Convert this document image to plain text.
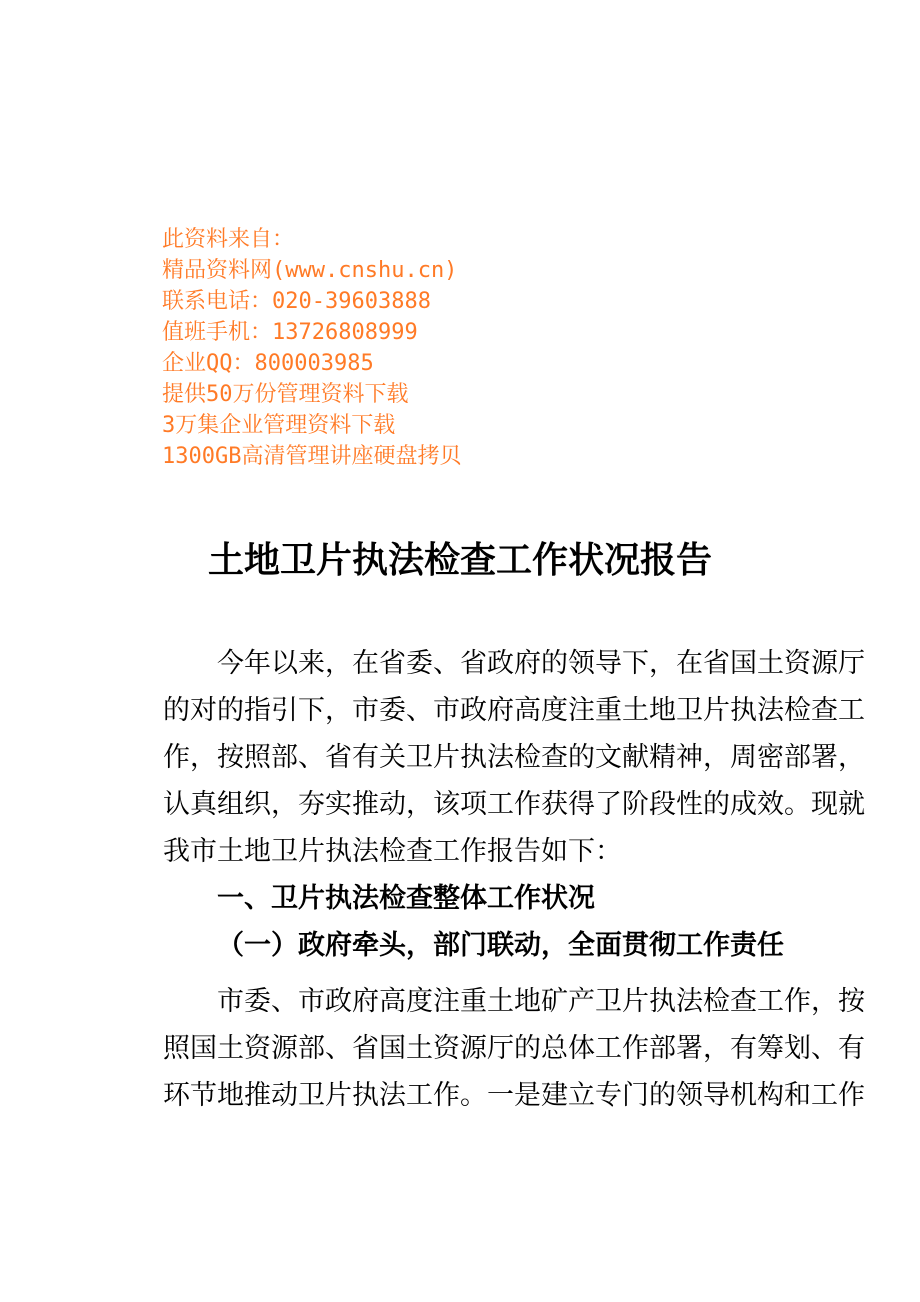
此资料来自：
精品资料网(www.cnshu.cn)
联系电话：020-39603888
值班手机：13726808999
企业QQ：800003985
提供50万份管理资料下载
3万集企业管理资料下载
1300GB高清管理讲座硬盘拷贝
土地卫片执法检查工作状况报告
今年以来，在省委、省政府的领导下，在省国土资源厅
的对的指引下，市委、市政府高度注重土地卫片执法检查工
作，按照部、省有关卫片执法检查的文献精神，周密部署，
认真组织，夯实推动，该项工作获得了阶段性的成效。现就
我市土地卫片执法检查工作报告如下：
一、卫片执法检查整体工作状况
（一）政府牵头，部门联动，全面贯彻工作责任
市委、市政府高度注重土地矿产卫片执法检查工作，按
照国土资源部、省国土资源厅的总体工作部署，有筹划、有
环节地推动卫片执法工作。一是建立专门的领导机构和工作
